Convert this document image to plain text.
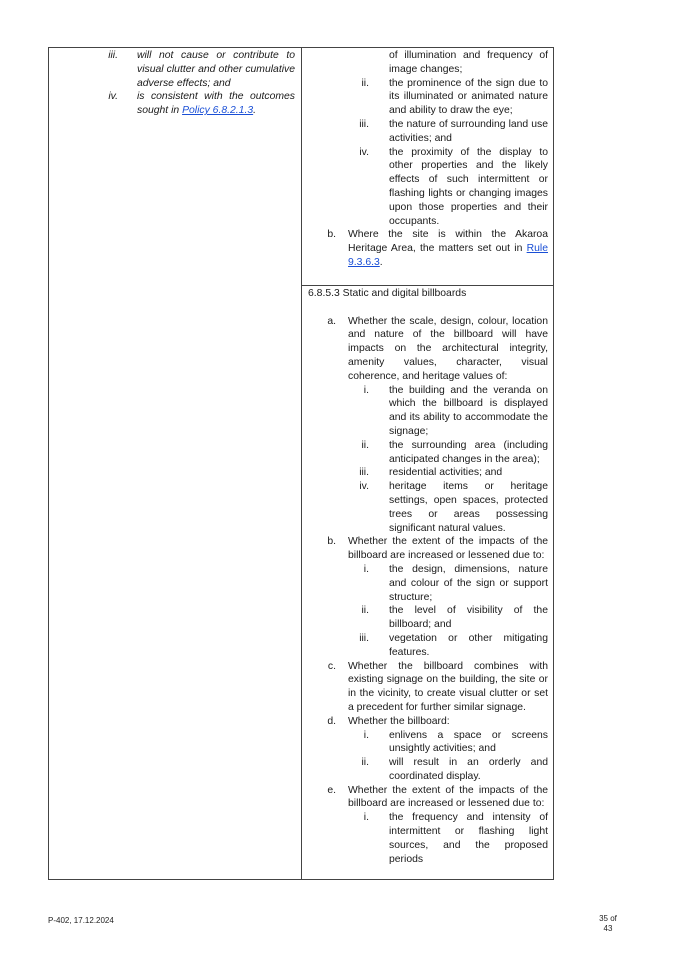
iii. will not cause or contribute to visual clutter and other cumulative adverse effects; and
iv. is consistent with the outcomes sought in Policy 6.8.2.1.3.
of illumination and frequency of image changes;
ii. the prominence of the sign due to its illuminated or animated nature and ability to draw the eye;
iii. the nature of surrounding land use activities; and
iv. the proximity of the display to other properties and the likely effects of such intermittent or flashing lights or changing images upon those properties and their occupants.
b. Where the site is within the Akaroa Heritage Area, the matters set out in Rule 9.3.6.3.
6.8.5.3 Static and digital billboards
a. Whether the scale, design, colour, location and nature of the billboard will have impacts on the architectural integrity, amenity values, character, visual coherence, and heritage values of:
i. the building and the veranda on which the billboard is displayed and its ability to accommodate the signage;
ii. the surrounding area (including anticipated changes in the area);
iii. residential activities; and
iv. heritage items or heritage settings, open spaces, protected trees or areas possessing significant natural values.
b. Whether the extent of the impacts of the billboard are increased or lessened due to:
i. the design, dimensions, nature and colour of the sign or support structure;
ii. the level of visibility of the billboard; and
iii. vegetation or other mitigating features.
c. Whether the billboard combines with existing signage on the building, the site or in the vicinity, to create visual clutter or set a precedent for further similar signage.
d. Whether the billboard:
i. enlivens a space or screens unsightly activities; and
ii. will result in an orderly and coordinated display.
e. Whether the extent of the impacts of the billboard are increased or lessened due to:
i. the frequency and intensity of intermittent or flashing light sources, and the proposed periods
P-402, 17.12.2024	35 of
43
